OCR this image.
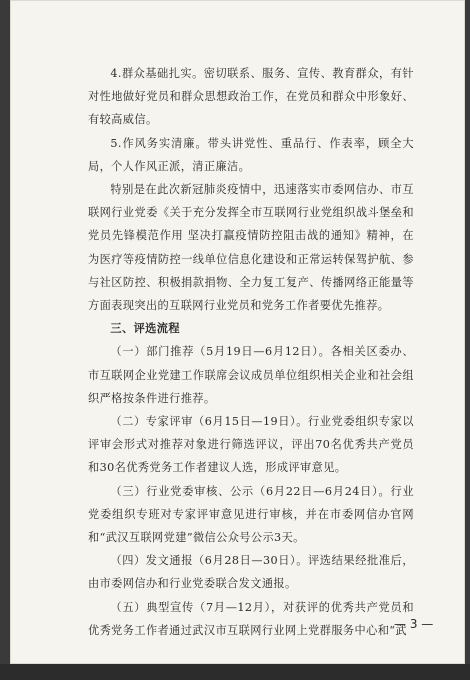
4.群众基础扎实。密切联系、服务、宣传、教育群众，有针对性地做好党员和群众思想政治工作，在党员和群众中形象好、有较高威信。

5.作风务实清廉。带头讲党性、重品行、作表率，顾全大局，个人作风正派，清正廉洁。

特别是在此次新冠肺炎疫情中，迅速落实市委网信办、市互联网行业党委《关于充分发挥全市互联网行业党组织战斗堡垒和党员先锋模范作用 坚决打赢疫情防控阻击战的通知》精神，在为医疗等疫情防控一线单位信息化建设和正常运转保驾护航、参与社区防控、积极捐款捐物、全力复工复产、传播网络正能量等方面表现突出的互联网行业党员和党务工作者要优先推荐。

三、评选流程

（一）部门推荐（5月19日—6月12日）。各相关区委办、市互联网企业党建工作联席会议成员单位组织相关企业和社会组织严格按条件进行推荐。

（二）专家评审（6月15日—19日）。行业党委组织专家以评审会形式对推荐对象进行筛选评议，评出70名优秀共产党员和30名优秀党务工作者建议人选，形成评审意见。

（三）行业党委审核、公示（6月22日—6月24日）。行业党委组织专班对专家评审意见进行审核，并在市委网信办官网和“武汉互联网党建”微信公众号公示3天。

（四）发文通报（6月28日—30日）。评选结果经批准后，由市委网信办和行业党委联合发文通报。

（五）典型宣传（7月—12月），对获评的优秀共产党员和优秀党务工作者通过武汉市互联网行业网上党群服务中心和“武

— 3 —
